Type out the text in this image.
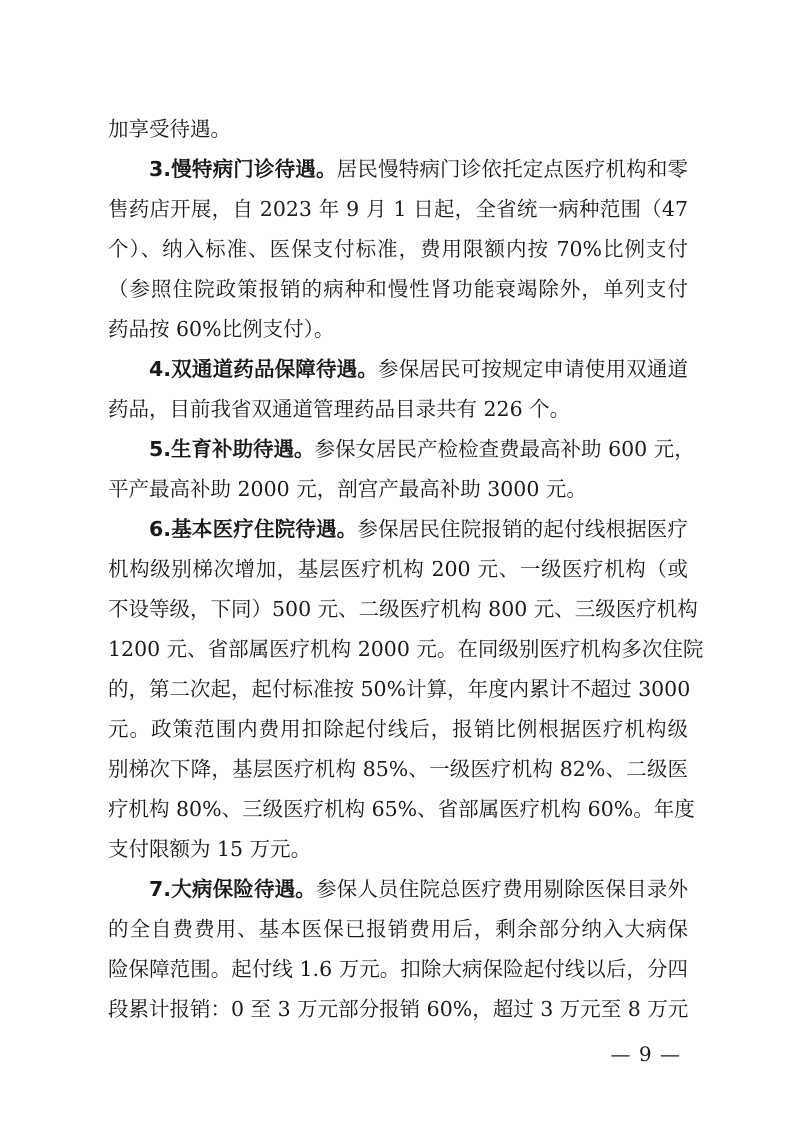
加享受待遇。
3.慢特病门诊待遇。居民慢特病门诊依托定点医疗机构和零
售药店开展，自 2023 年 9 月 1 日起，全省统一病种范围（47
个）、纳入标准、医保支付标准，费用限额内按 70%比例支付
（参照住院政策报销的病种和慢性肾功能衰竭除外，单列支付
药品按 60%比例支付）。
4.双通道药品保障待遇。参保居民可按规定申请使用双通道
药品，目前我省双通道管理药品目录共有 226 个。
5.生育补助待遇。参保女居民产检检查费最高补助 600 元，
平产最高补助 2000 元，剖宫产最高补助 3000 元。
6.基本医疗住院待遇。参保居民住院报销的起付线根据医疗
机构级别梯次增加，基层医疗机构 200 元、一级医疗机构（或
不设等级，下同）500 元、二级医疗机构 800 元、三级医疗机构
1200 元、省部属医疗机构 2000 元。在同级别医疗机构多次住院
的，第二次起，起付标准按 50%计算，年度内累计不超过 3000
元。政策范围内费用扣除起付线后，报销比例根据医疗机构级
别梯次下降，基层医疗机构 85%、一级医疗机构 82%、二级医
疗机构 80%、三级医疗机构 65%、省部属医疗机构 60%。年度
支付限额为 15 万元。
7.大病保险待遇。参保人员住院总医疗费用剔除医保目录外
的全自费费用、基本医保已报销费用后，剩余部分纳入大病保
险保障范围。起付线 1.6 万元。扣除大病保险起付线以后，分四
段累计报销：0 至 3 万元部分报销 60%，超过 3 万元至 8 万元
— 9 —
